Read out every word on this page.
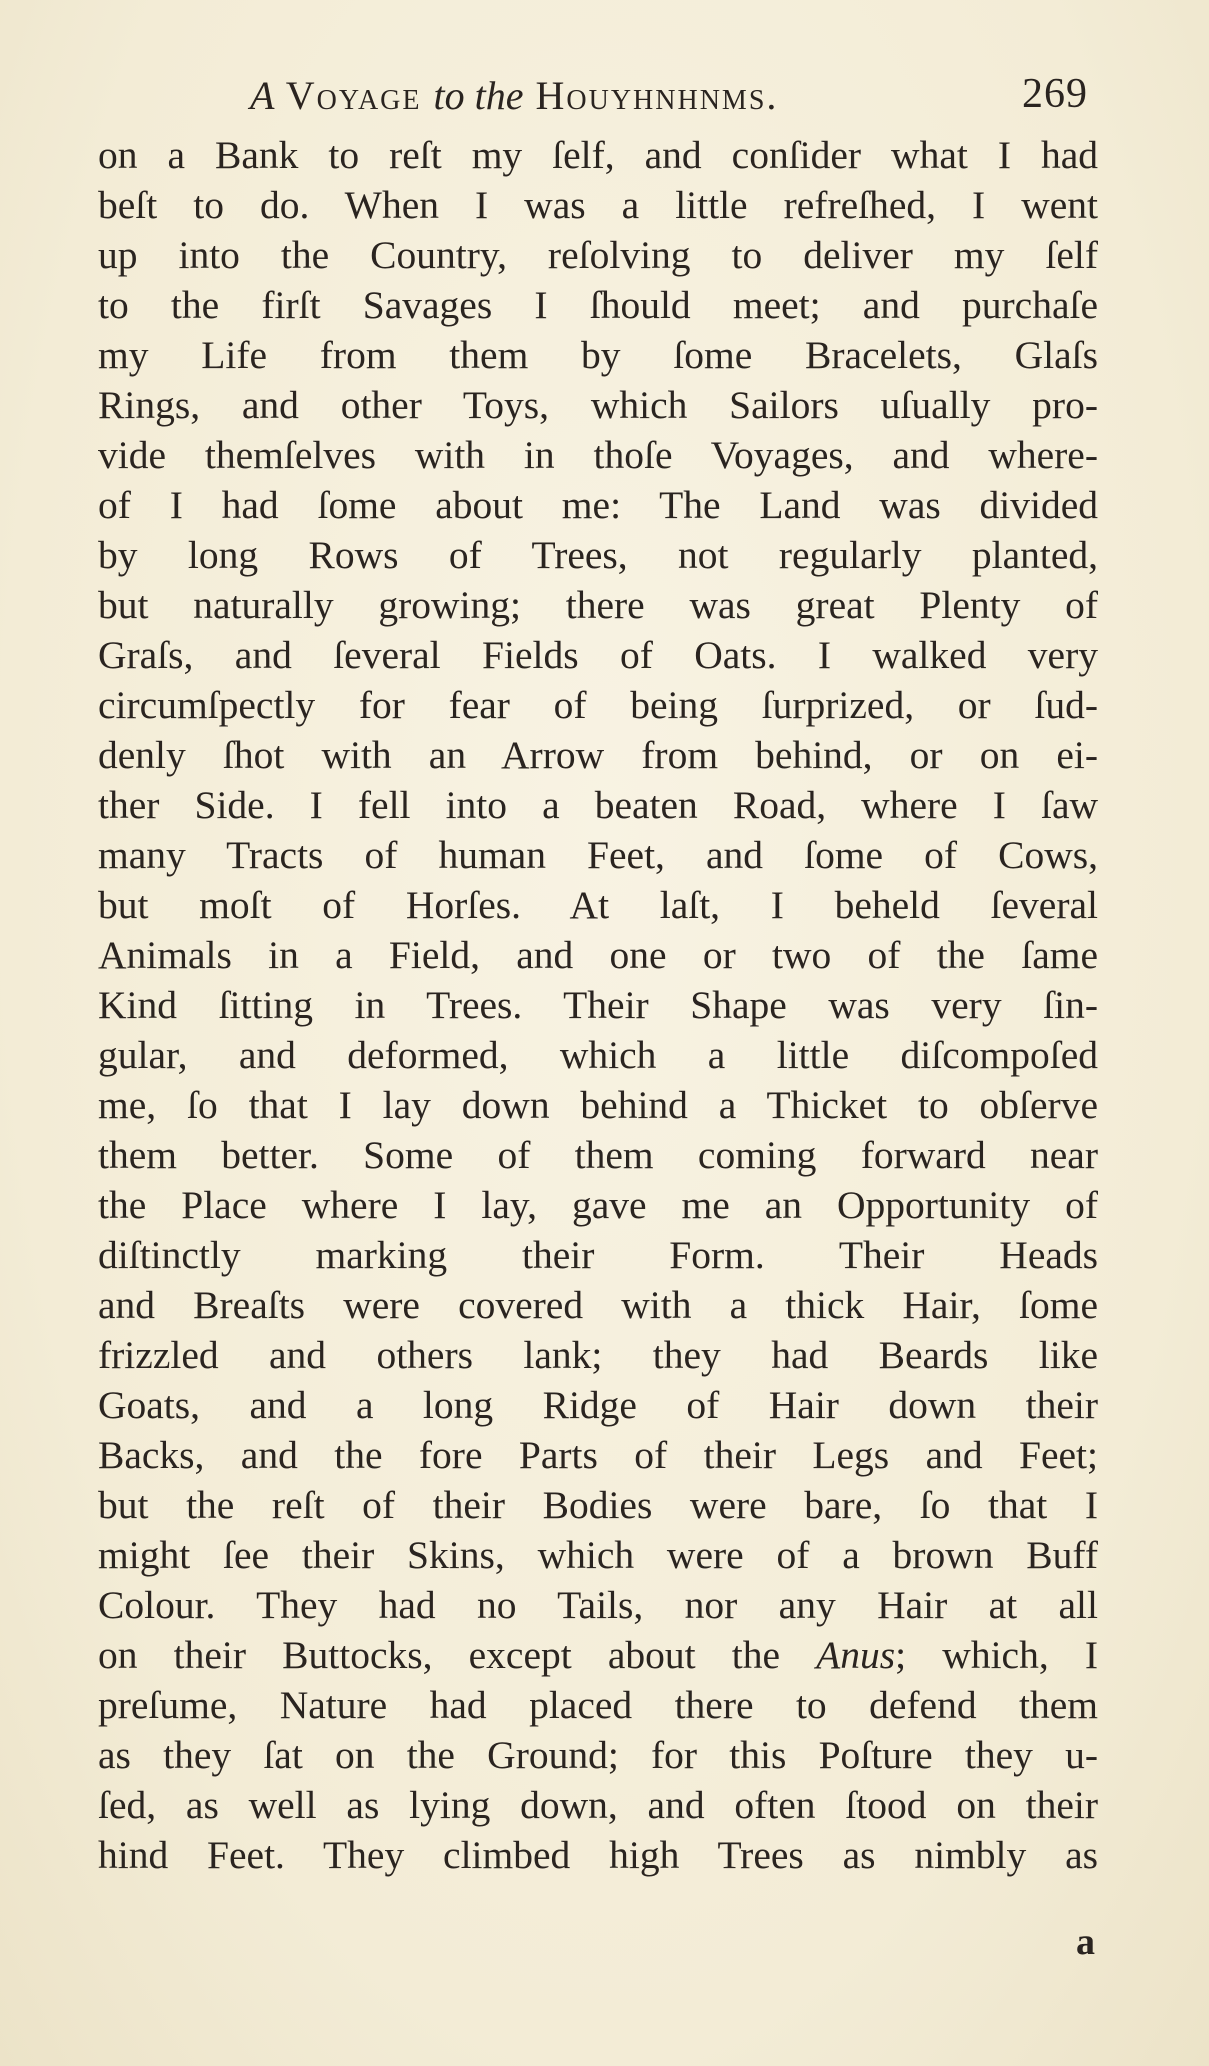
A Voyage to the Houyhnhnms.	269
on a Bank to reſt my ſelf, and conſider what I had
beſt to do. When I was a little refreſhed, I went
up into the Country, reſolving to deliver my ſelf
to the firſt Savages I ſhould meet; and purchaſe
my Life from them by ſome Bracelets, Glaſs
Rings, and other Toys, which Sailors uſually pro-
vide themſelves with in thoſe Voyages, and where-
of I had ſome about me: The Land was divided
by long Rows of Trees, not regularly planted,
but naturally growing; there was great Plenty of
Graſs, and ſeveral Fields of Oats. I walked very
circumſpectly for fear of being ſurprized, or ſud-
denly ſhot with an Arrow from behind, or on ei-
ther Side. I fell into a beaten Road, where I ſaw
many Tracts of human Feet, and ſome of Cows,
but moſt of Horſes. At laſt, I beheld ſeveral
Animals in a Field, and one or two of the ſame
Kind ſitting in Trees. Their Shape was very ſin-
gular, and deformed, which a little diſcompoſed
me, ſo that I lay down behind a Thicket to obſerve
them better. Some of them coming forward near
the Place where I lay, gave me an Opportunity of
diſtinctly marking their Form. Their Heads
and Breaſts were covered with a thick Hair, ſome
frizzled and others lank; they had Beards like
Goats, and a long Ridge of Hair down their
Backs, and the fore Parts of their Legs and Feet;
but the reſt of their Bodies were bare, ſo that I
might ſee their Skins, which were of a brown Buff
Colour. They had no Tails, nor any Hair at all
on their Buttocks, except about the Anus; which, I
preſume, Nature had placed there to defend them
as they ſat on the Ground; for this Poſture they u-
ſed, as well as lying down, and often ſtood on their
hind Feet. They climbed high Trees as nimbly as
a
